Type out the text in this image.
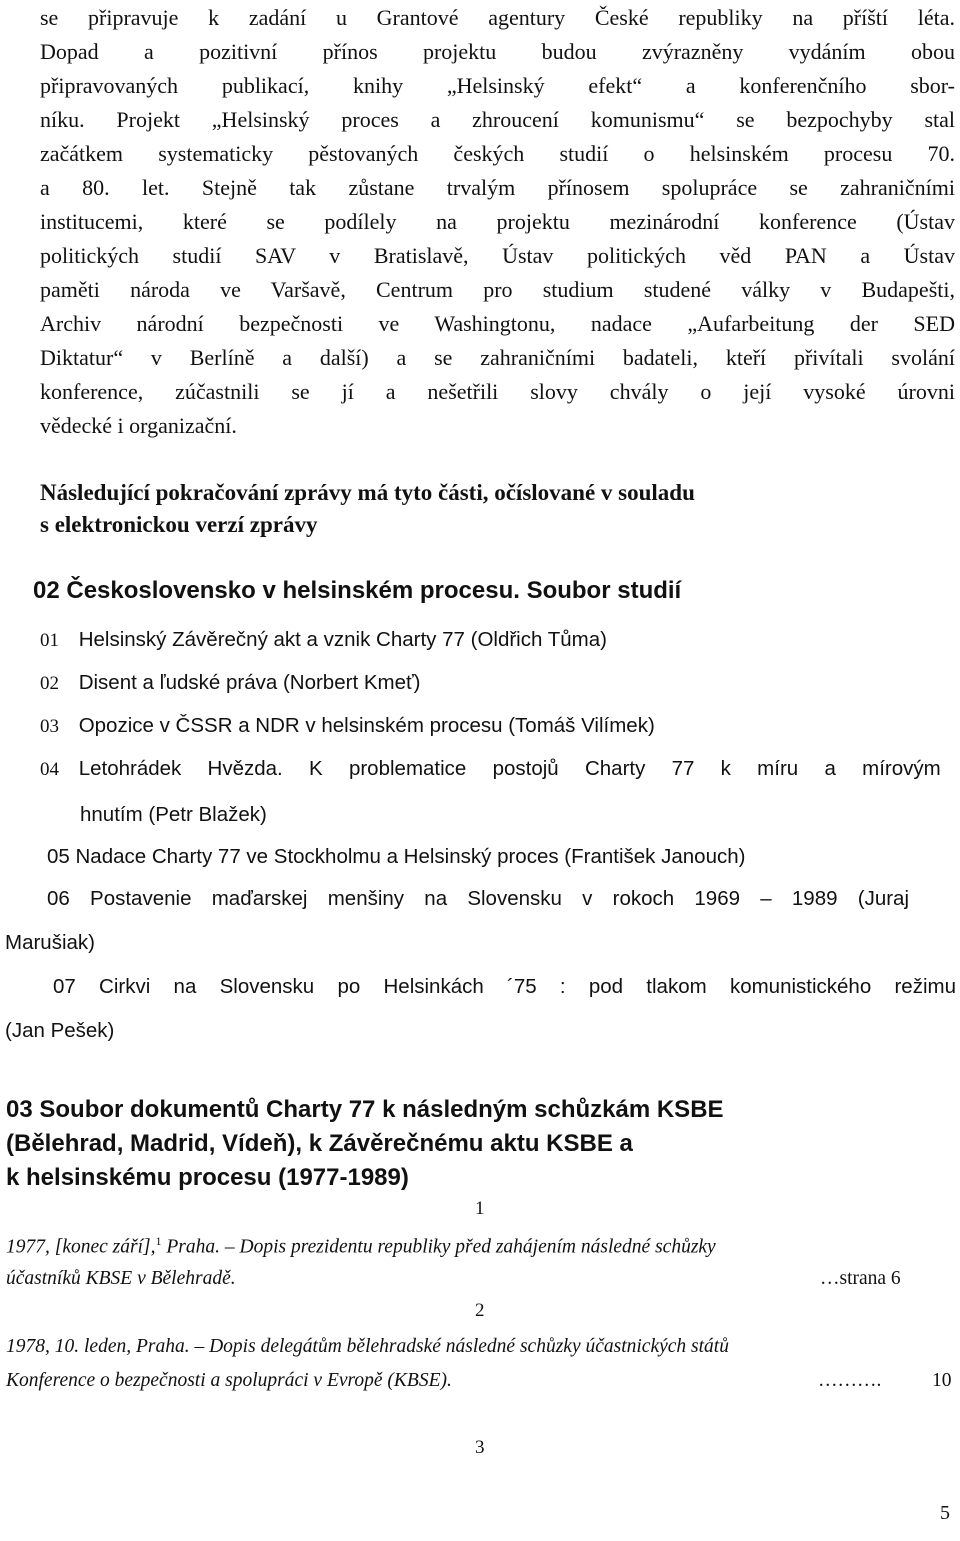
se připravuje k zadání u Grantové agentury České republiky na příští léta.
Dopad a pozitivní přínos projektu budou zvýrazněny vydáním obou
připravovaných publikací, knihy „Helsinský efekt“ a konferenčního sbor-
níku. Projekt „Helsinský proces a zhroucení komunismu“ se bezpochyby stal
začátkem systematicky pěstovaných českých studií o helsinském procesu 70.
a 80. let. Stejně tak zůstane trvalým přínosem spolupráce se zahraničními
institucemi, které se podílely na projektu mezinárodní konference (Ústav
politických studií SAV v Bratislavě, Ústav politických věd PAN a Ústav
paměti národa ve Varšavě, Centrum pro studium studené války v Budapešti,
Archiv národní bezpečnosti ve Washingtonu, nadace „Aufarbeitung der SED
Diktatur“ v Berlíně a další) a se zahraničními badateli, kteří přivítali svolání
konference, zúčastnili se jí a nešetřili slovy chvály o její vysoké úrovni
vědecké i organizační.
Následující pokračování zprávy má tyto části, očíslované v souladu
s elektronickou verzí zprávy
02 Československo v helsinském procesu. Soubor studií
01 Helsinský Závěrečný akt a vznik Charty 77 (Oldřich Tůma)
02 Disent a ľudské práva (Norbert Kmeť)
03 Opozice v ČSSR a NDR v helsinském procesu (Tomáš Vilímek)
04 Letohrádek Hvězda. K problematice postojů Charty 77 k míru a mírovým
hnutím (Petr Blažek)
05 Nadace Charty 77 ve Stockholmu a Helsinský proces (František Janouch)
06 Postavenie maďarskej menšiny na Slovensku v rokoch 1969 – 1989 (Juraj
Marušiak)
07 Cirkvi na Slovensku po Helsinkách ´75 : pod tlakom komunistického režimu
(Jan Pešek)
03 Soubor dokumentů Charty 77 k následným schůzkám KSBE
(Bělehrad, Madrid, Vídeň), k Závěrečnému aktu KSBE a
k helsinskému procesu (1977-1989)
1
1977, [konec září],$^1$ Praha. – Dopis prezidentu republiky před zahájením následné schůzky
účastníků KBSE v Bělehradě.	…strana 6
2
1978, 10. leden, Praha. – Dopis delegátům bělehradské následné schůzky účastnických států
Konference o bezpečnosti a spolupráci v Evropě (KBSE).	……….	10
3
5
